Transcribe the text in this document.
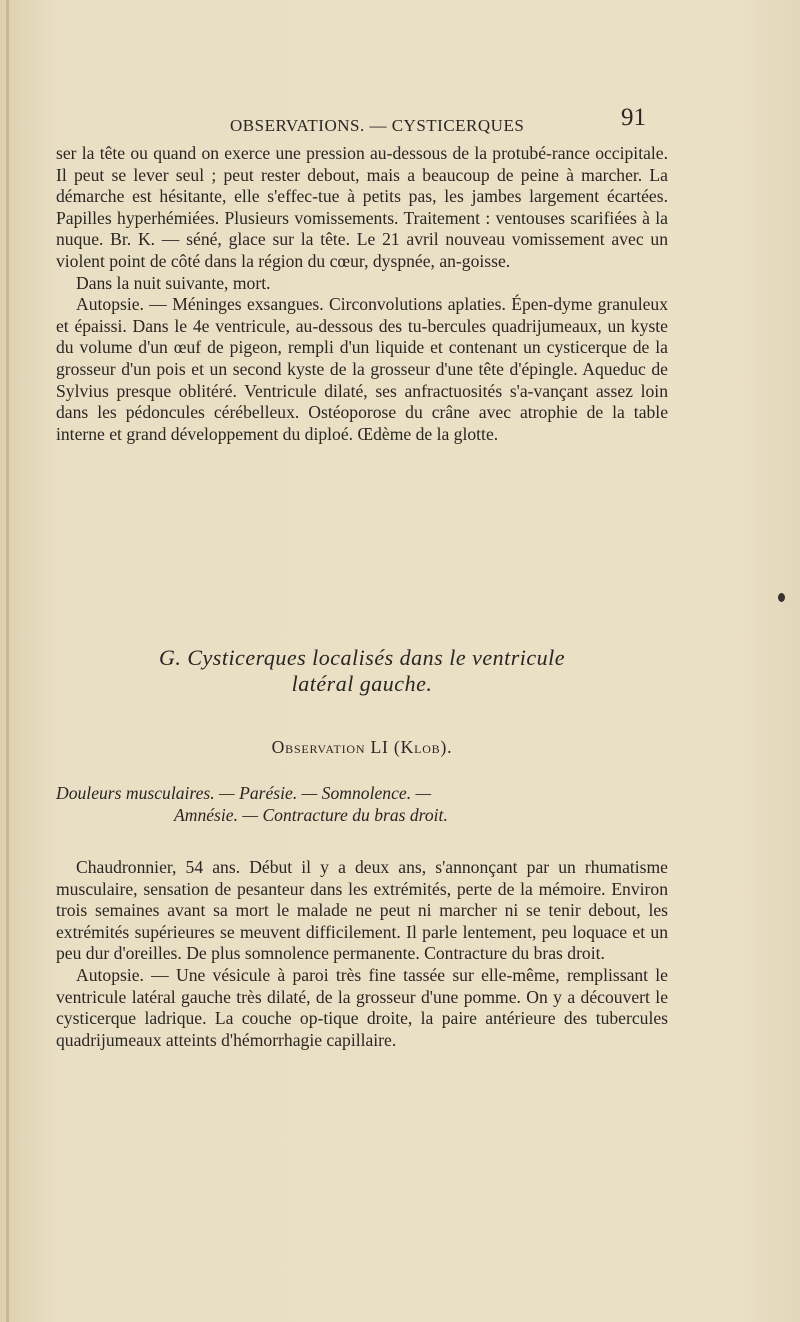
OBSERVATIONS. — CYSTICERQUES	91

ser la tête ou quand on exerce une pression au-dessous de la protubé-rance occipitale. Il peut se lever seul ; peut rester debout, mais a beaucoup de peine à marcher. La démarche est hésitante, elle s'effec-tue à petits pas, les jambes largement écartées. Papilles hyperhémiées. Plusieurs vomissements. Traitement : ventouses scarifiées à la nuque. Br. K. — séné, glace sur la tête. Le 21 avril nouveau vomissement avec un violent point de côté dans la région du cœur, dyspnée, an-goisse.

Dans la nuit suivante, mort.

Autopsie. — Méninges exsangues. Circonvolutions aplaties. Épen-dyme granuleux et épaissi. Dans le 4e ventricule, au-dessous des tu-bercules quadrijumeaux, un kyste du volume d'un œuf de pigeon, rempli d'un liquide et contenant un cysticerque de la grosseur d'un pois et un second kyste de la grosseur d'une tête d'épingle. Aqueduc de Sylvius presque oblitéré. Ventricule dilaté, ses anfractuosités s'a-vançant assez loin dans les pédoncules cérébelleux. Ostéoporose du crâne avec atrophie de la table interne et grand développement du diploé. Œdème de la glotte.

G. Cysticerques localisés dans le ventricule
latéral gauche.
Observation LI (Klob).
Douleurs musculaires. — Parésie. — Somnolence. —
Amnésie. — Contracture du bras droit.

Chaudronnier, 54 ans. Début il y a deux ans, s'annonçant par un rhumatisme musculaire, sensation de pesanteur dans les extrémités, perte de la mémoire. Environ trois semaines avant sa mort le malade ne peut ni marcher ni se tenir debout, les extrémités supérieures se meuvent difficilement. Il parle lentement, peu loquace et un peu dur d'oreilles. De plus somnolence permanente. Contracture du bras droit.

Autopsie. — Une vésicule à paroi très fine tassée sur elle-même, remplissant le ventricule latéral gauche très dilaté, de la grosseur d'une pomme. On y a découvert le cysticerque ladrique. La couche op-tique droite, la paire antérieure des tubercules quadrijumeaux atteints d'hémorrhagie capillaire.
